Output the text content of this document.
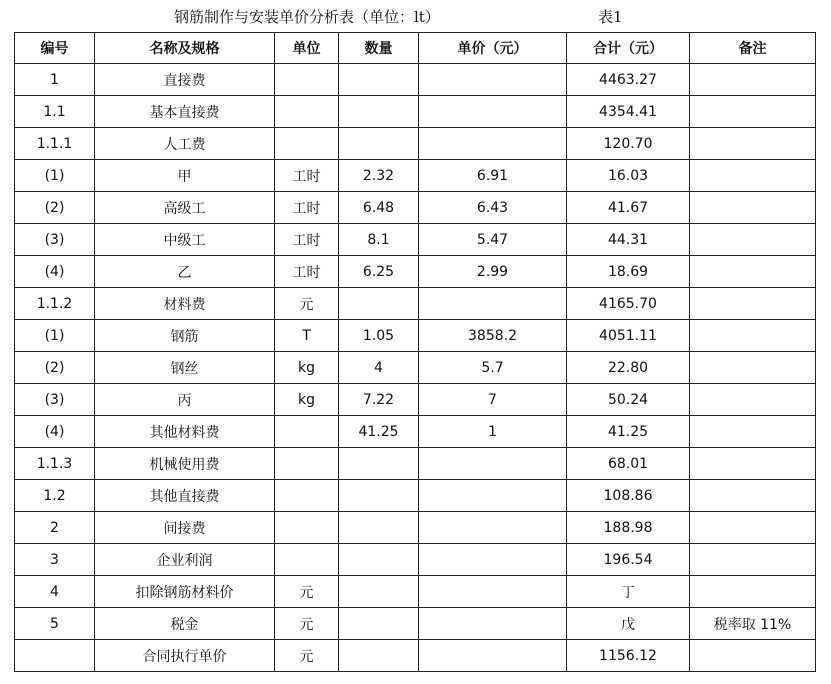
钢筋制作与安装单价分析表（单位：lt）	表1
编号	名称及规格	单位	数量	单价（元）	合计（元）	备注
1	直接费				4463.27	
1.1	基本直接费				4354.41	
1.1.1	人工费				120.70	
(1)	甲	工时	2.32	6.91	16.03	
(2)	高级工	工时	6.48	6.43	41.67	
(3)	中级工	工时	8.1	5.47	44.31	
(4)	乙	工时	6.25	2.99	18.69	
1.1.2	材料费	元			4165.70	
(1)	钢筋	T	1.05	3858.2	4051.11	
(2)	钢丝	kg	4	5.7	22.80	
(3)	丙	kg	7.22	7	50.24	
(4)	其他材料费		41.25	1	41.25	
1.1.3	机械使用费				68.01	
1.2	其他直接费				108.86	
2	间接费				188.98	
3	企业利润				196.54	
4	扣除钢筋材料价	元			丁	
5	税金	元			戊	税率取 11%
	合同执行单价	元			1156.12	
